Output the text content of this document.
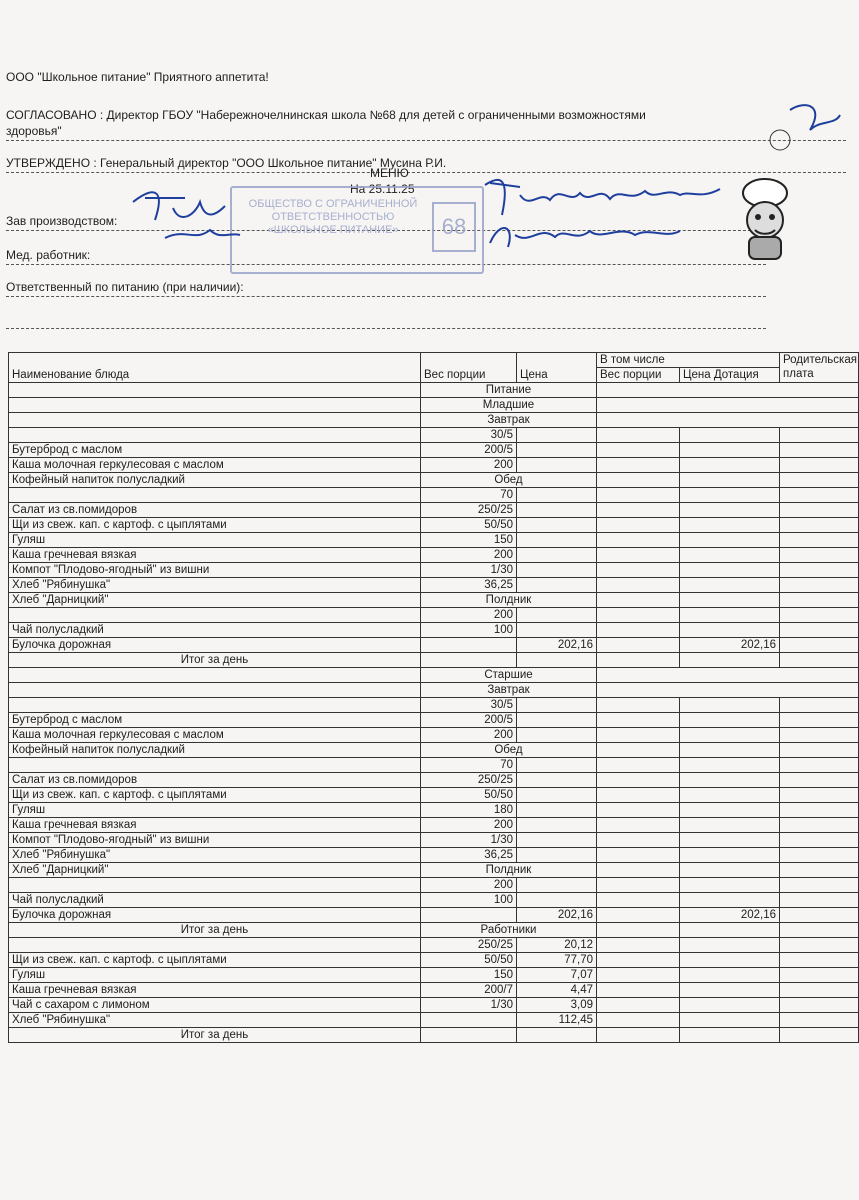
ООО "Школьное питание" Приятного аппетита!
СОГЛАСОВАНО : Директор ГБОУ "Набережночелнинская школа №68 для детей с ограниченными возможностями
здоровья"
УТВЕРЖДЕНО : Генеральный директор "ООО Школьное питание" Мусина Р.И.
МЕНЮ
На 25.11.25
Зав производством:
Мед. работник:
Ответственный по питанию (при наличии):
ОБЩЕСТВО С ОГРАНИЧЕННОЙ
ОТВЕТСТВЕННОСТЬЮ
«ШКОЛЬНОЕ ПИТАНИЕ»	68
Наименование блюда	Вес порции	Цена	В том числе		Родительская плата
			Вес порции	Цена Дотация	
	Питание				
	Младшие				
	Завтрак				
	30/5				
Бутерброд с маслом	200/5				
Каша молочная геркулесовая с маслом	200				
Кофейный напиток полусладкий	Обед				
	70				
Салат из св.помидоров	250/25				
Щи из свеж. кап. с картоф. с цыплятами	50/50				
Гуляш	150				
Каша гречневая вязкая	200				
Компот "Плодово-ягодный" из вишни	1/30				
Хлеб "Рябинушка"	36,25				
Хлеб "Дарницкий"	Полдник				
	200				
Чай полусладкий	100				
Булочка дорожная		202,16		202,16	
Итог за день					
	Старшие				
	Завтрак				
	30/5				
Бутерброд с маслом	200/5				
Каша молочная геркулесовая с маслом	200				
Кофейный напиток полусладкий	Обед				
	70				
Салат из св.помидоров	250/25				
Щи из свеж. кап. с картоф. с цыплятами	50/50				
Гуляш	180				
Каша гречневая вязкая	200				
Компот "Плодово-ягодный" из вишни	1/30				
Хлеб "Рябинушка"	36,25				
Хлеб "Дарницкий"	Полдник				
	200				
Чай полусладкий	100				
Булочка дорожная		202,16		202,16	
Итог за день	Работники				
	250/25	20,12			
Щи из свеж. кап. с картоф. с цыплятами	50/50	77,70			
Гуляш	150	7,07			
Каша гречневая вязкая	200/7	4,47			
Чай с сахаром с лимоном	1/30	3,09			
Хлеб "Рябинушка"		112,45			
Итог за день					
